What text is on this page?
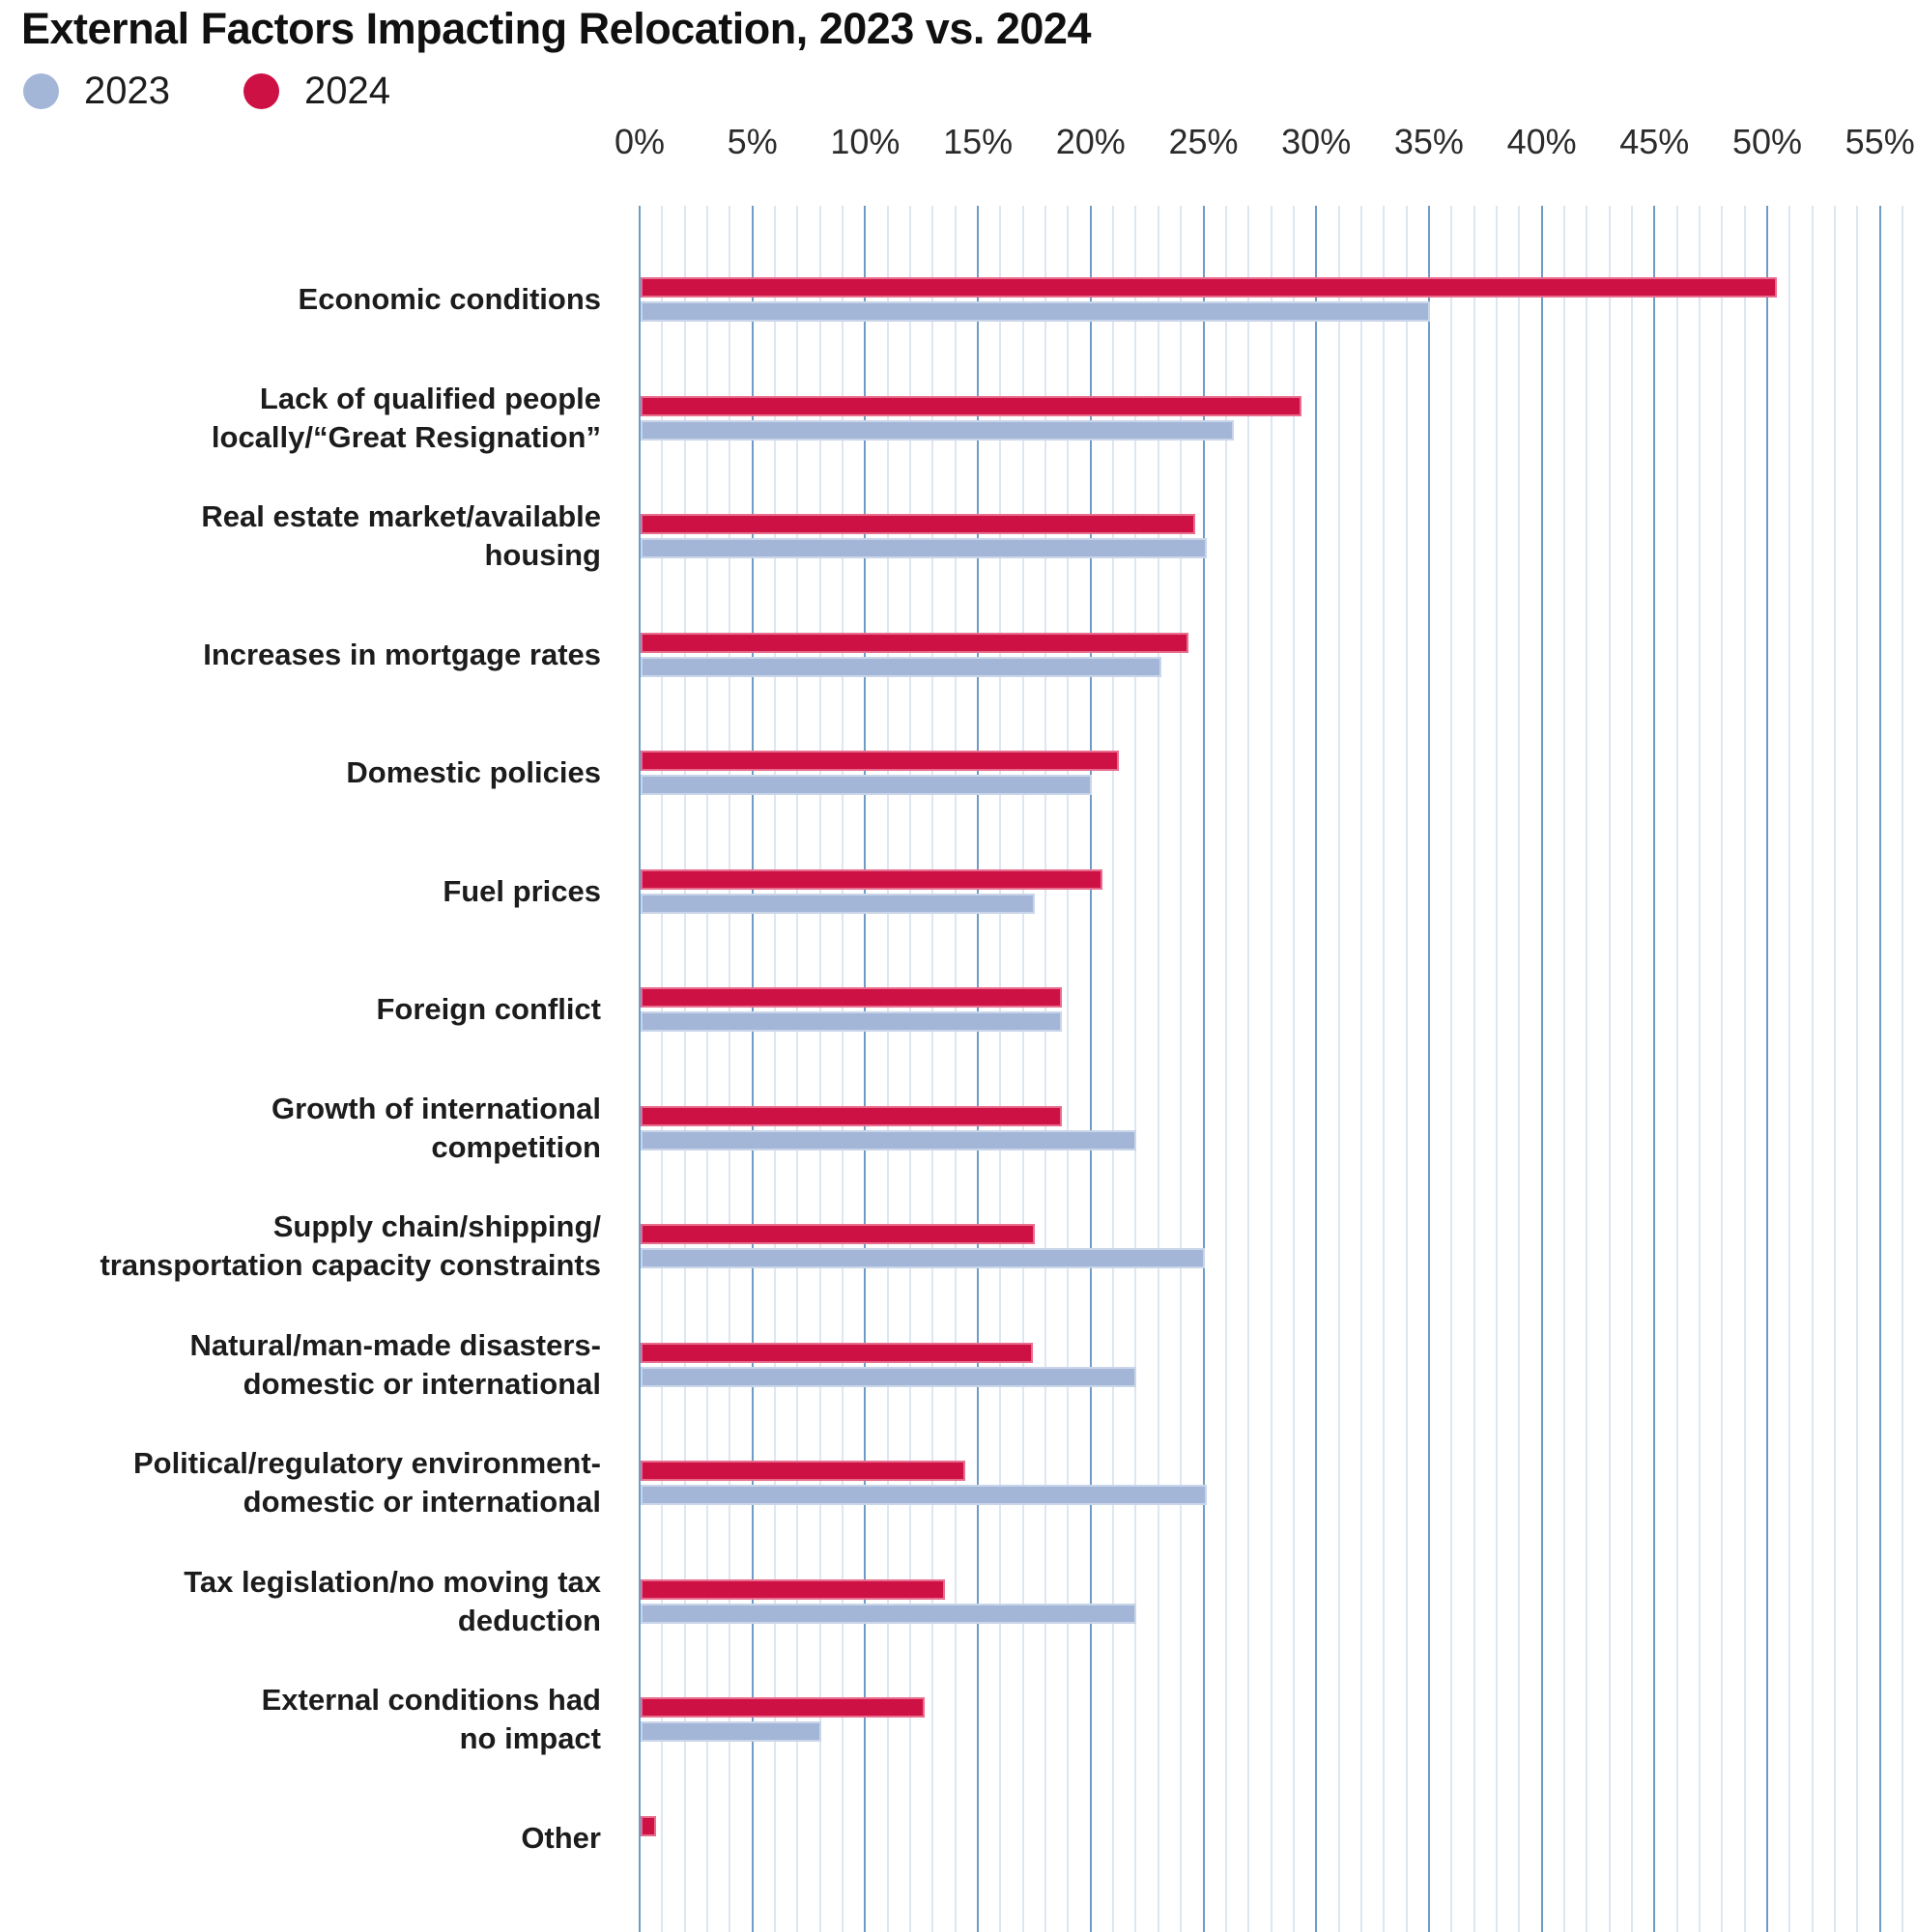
External Factors Impacting Relocation, 2023 vs. 2024
2023	2024
0% 5% 10% 15% 20% 25% 30% 35% 40% 45% 50% 55%
Economic conditions
Lack of qualified people
locally/“Great Resignation”
Real estate market/available
housing
Increases in mortgage rates
Domestic policies
Fuel prices
Foreign conflict
Growth of international
competition
Supply chain/shipping/
transportation capacity constraints
Natural/man-made disasters-
domestic or international
Political/regulatory environment-
domestic or international
Tax legislation/no moving tax
deduction
External conditions had
no impact
Other
